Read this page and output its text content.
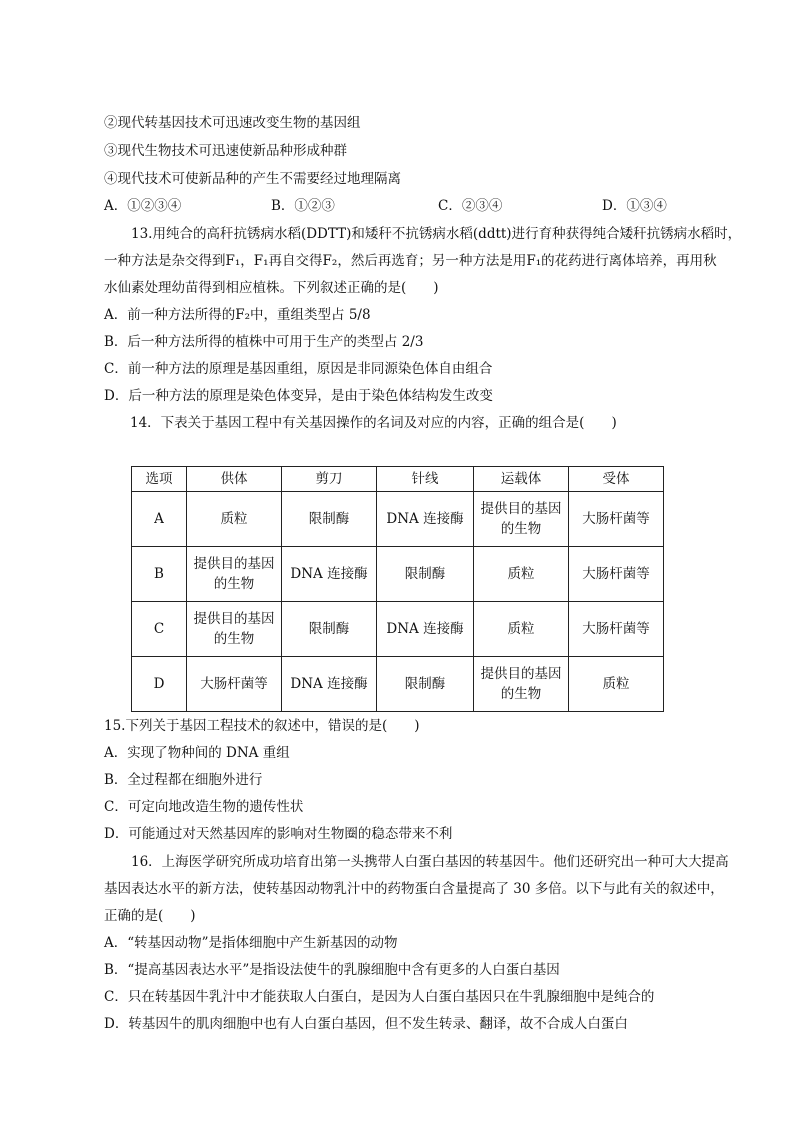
②现代转基因技术可迅速改变生物的基因组
③现代生物技术可迅速使新品种形成种群
④现代技术可使新品种的产生不需要经过地理隔离
A．①②③④	B．①②③	C．②③④	D．①③④
13.用纯合的高秆抗锈病水稻(DDTT)和矮秆不抗锈病水稻(ddtt)进行育种获得纯合矮秆抗锈病水稻时，
一种方法是杂交得到F₁，F₁再自交得F₂，然后再选育；另一种方法是用F₁的花药进行离体培养，再用秋
水仙素处理幼苗得到相应植株。下列叙述正确的是(　　)
A．前一种方法所得的F₂中，重组类型占 5/8
B．后一种方法所得的植株中可用于生产的类型占 2/3
C．前一种方法的原理是基因重组，原因是非同源染色体自由组合
D．后一种方法的原理是染色体变异，是由于染色体结构发生改变
14．下表关于基因工程中有关基因操作的名词及对应的内容，正确的组合是(　　)
选项	供体	剪刀	针线	运载体	受体
A	质粒	限制酶	DNA 连接酶	提供目的基因的生物	大肠杆菌等
B	提供目的基因的生物	DNA 连接酶	限制酶	质粒	大肠杆菌等
C	提供目的基因的生物	限制酶	DNA 连接酶	质粒	大肠杆菌等
D	大肠杆菌等	DNA 连接酶	限制酶	提供目的基因的生物	质粒
15.下列关于基因工程技术的叙述中，错误的是(　　)
A．实现了物种间的 DNA 重组
B．全过程都在细胞外进行
C．可定向地改造生物的遗传性状
D．可能通过对天然基因库的影响对生物圈的稳态带来不利
16．上海医学研究所成功培育出第一头携带人白蛋白基因的转基因牛。他们还研究出一种可大大提高
基因表达水平的新方法，使转基因动物乳汁中的药物蛋白含量提高了 30 多倍。以下与此有关的叙述中，
正确的是(　　)
A．“转基因动物”是指体细胞中产生新基因的动物
B．“提高基因表达水平”是指设法使牛的乳腺细胞中含有更多的人白蛋白基因
C．只在转基因牛乳汁中才能获取人白蛋白，是因为人白蛋白基因只在牛乳腺细胞中是纯合的
D．转基因牛的肌肉细胞中也有人白蛋白基因，但不发生转录、翻译，故不合成人白蛋白
